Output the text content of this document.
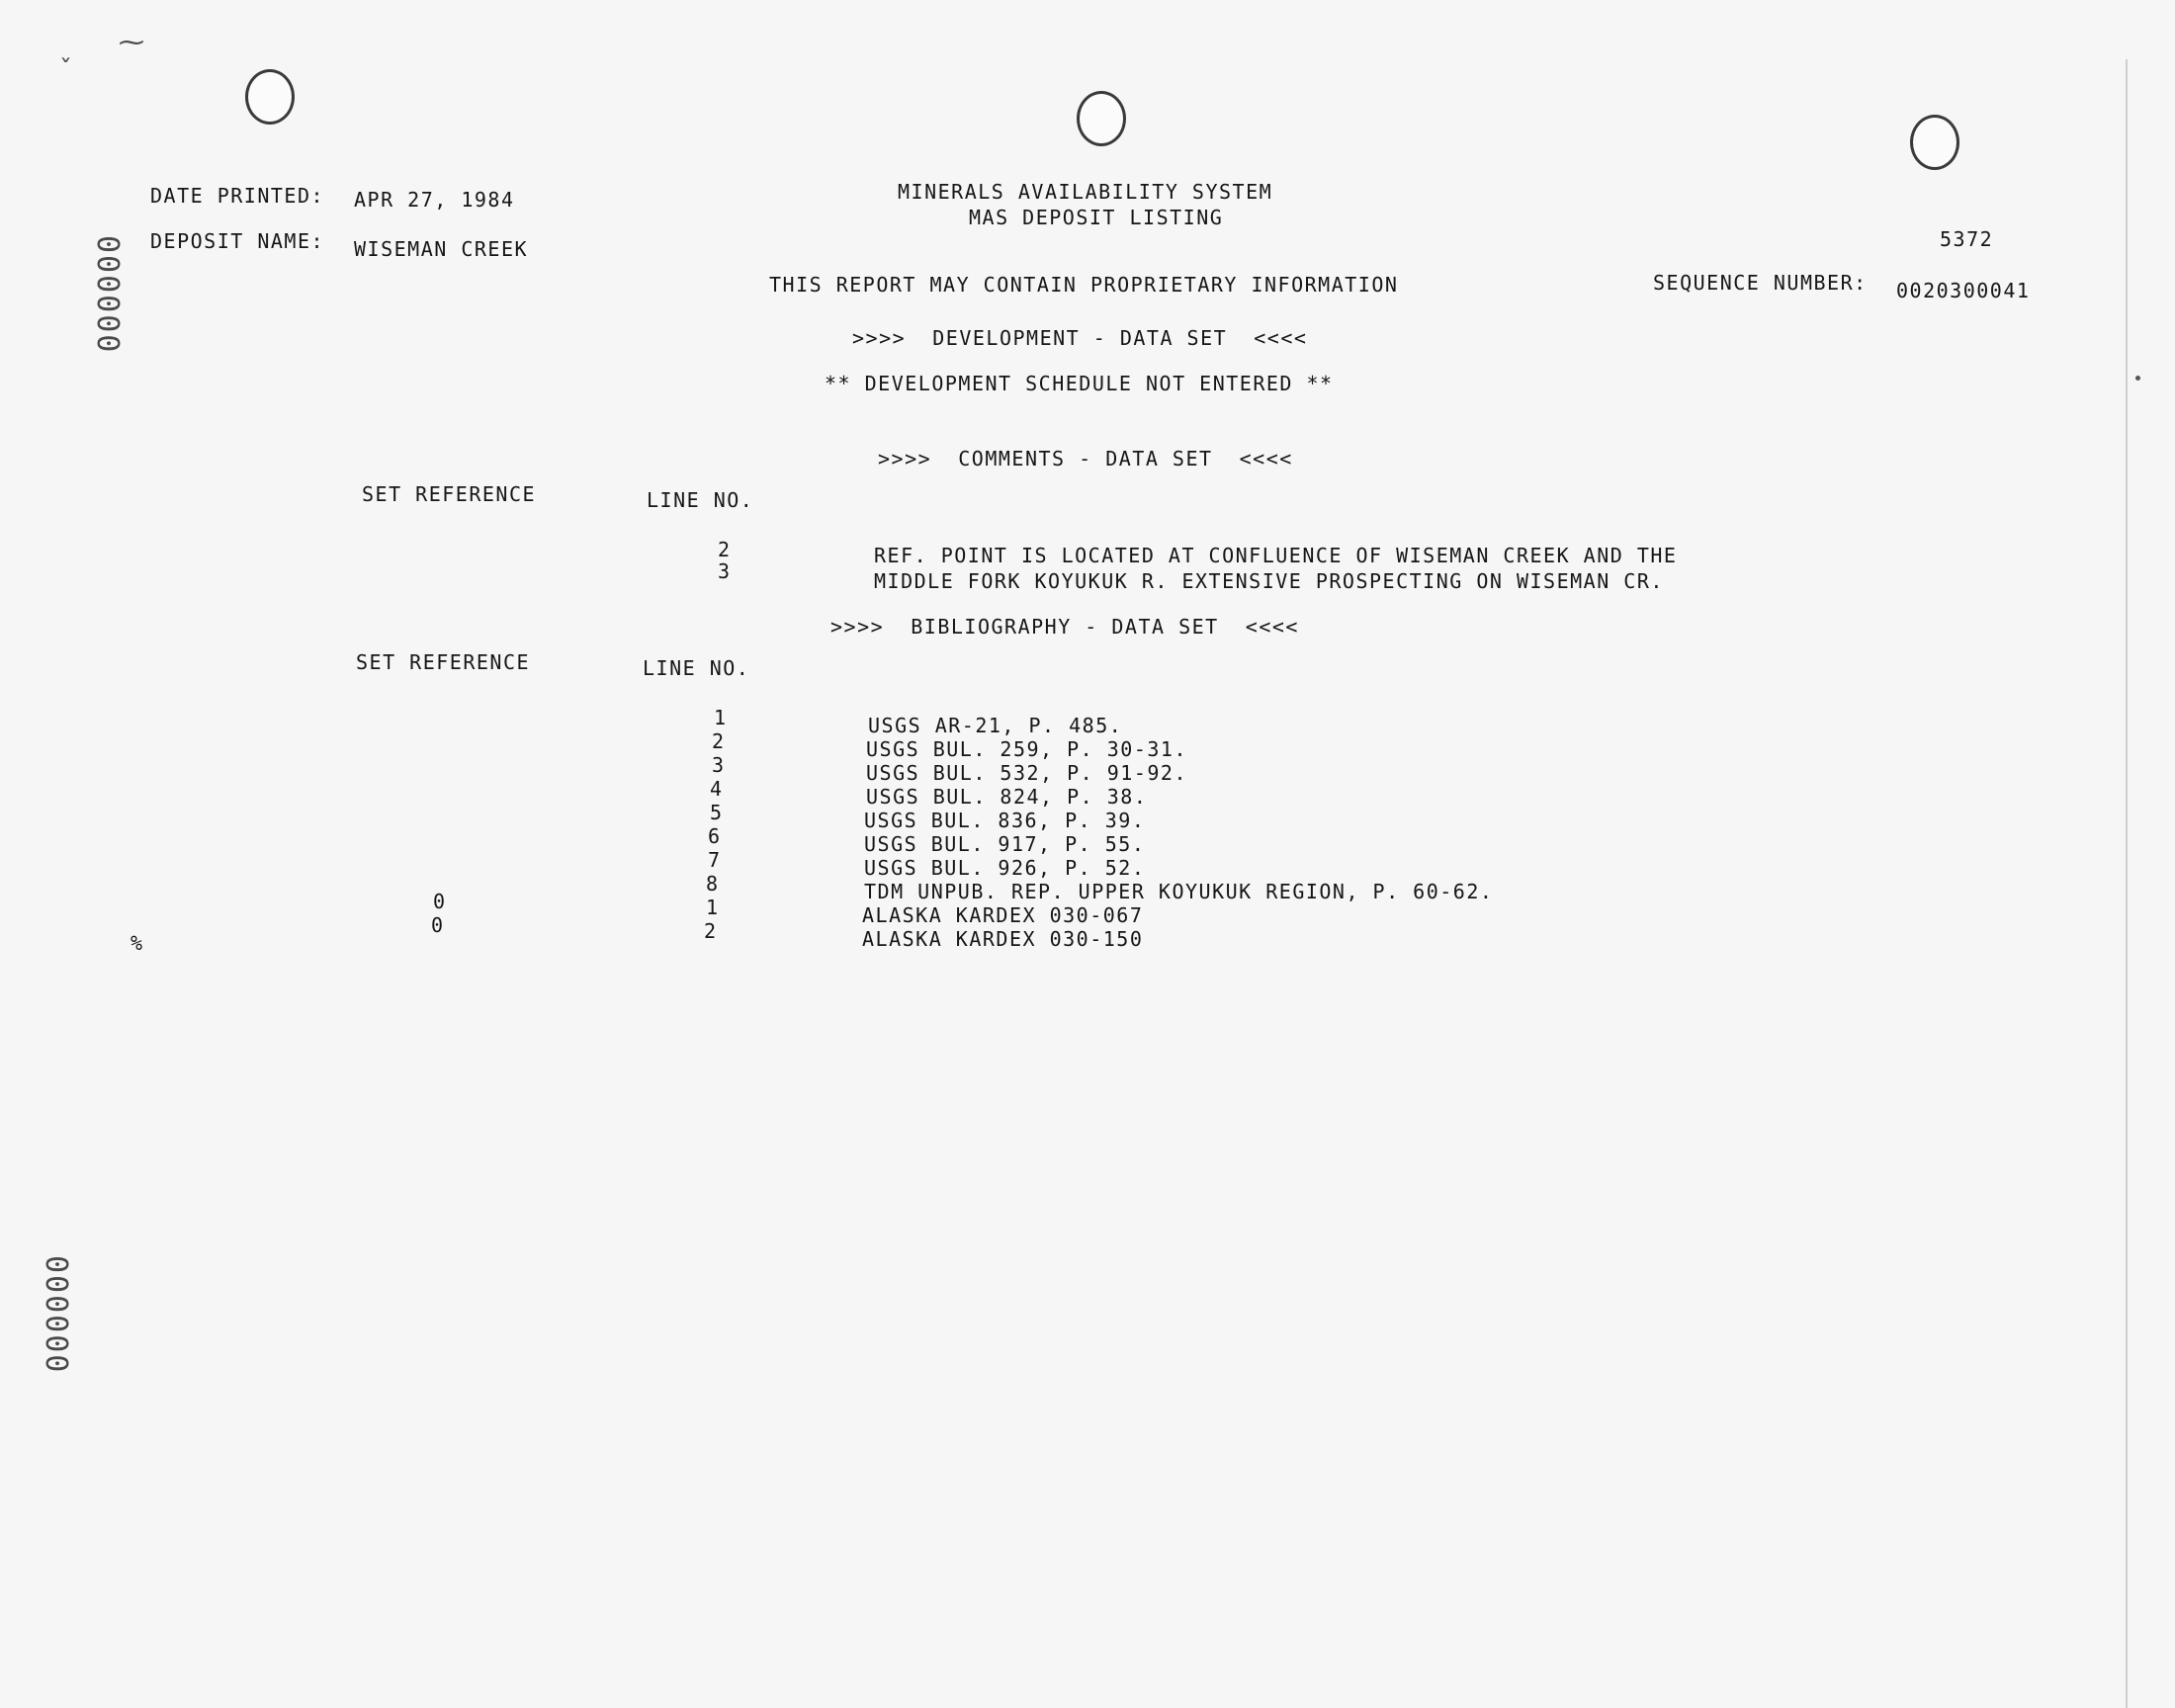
ˇ
⁓
000000
000000
DATE PRINTED: APR 27, 1984	MINERALS AVAILABILITY SYSTEM
MAS DEPOSIT LISTING
DEPOSIT NAME: WISEMAN CREEK	5372
THIS REPORT MAY CONTAIN PROPRIETARY INFORMATION	SEQUENCE NUMBER: 0020300041
>>>>  DEVELOPMENT - DATA SET  <<<<
** DEVELOPMENT SCHEDULE NOT ENTERED **
>>>>  COMMENTS - DATA SET  <<<<
SET REFERENCE	LINE NO.
2	REF. POINT IS LOCATED AT CONFLUENCE OF WISEMAN CREEK AND THE
3	MIDDLE FORK KOYUKUK R. EXTENSIVE PROSPECTING ON WISEMAN CR.
>>>>  BIBLIOGRAPHY - DATA SET  <<<<
SET REFERENCE	LINE NO.
1	USGS AR-21, P. 485.
2	USGS BUL. 259, P. 30-31.
3	USGS BUL. 532, P. 91-92.
4	USGS BUL. 824, P. 38.
5	USGS BUL. 836, P. 39.
6	USGS BUL. 917, P. 55.
7	USGS BUL. 926, P. 52.
8	TDM UNPUB. REP. UPPER KOYUKUK REGION, P. 60-62.
0	1	ALASKA KARDEX 030-067
%
0	2	ALASKA KARDEX 030-150
